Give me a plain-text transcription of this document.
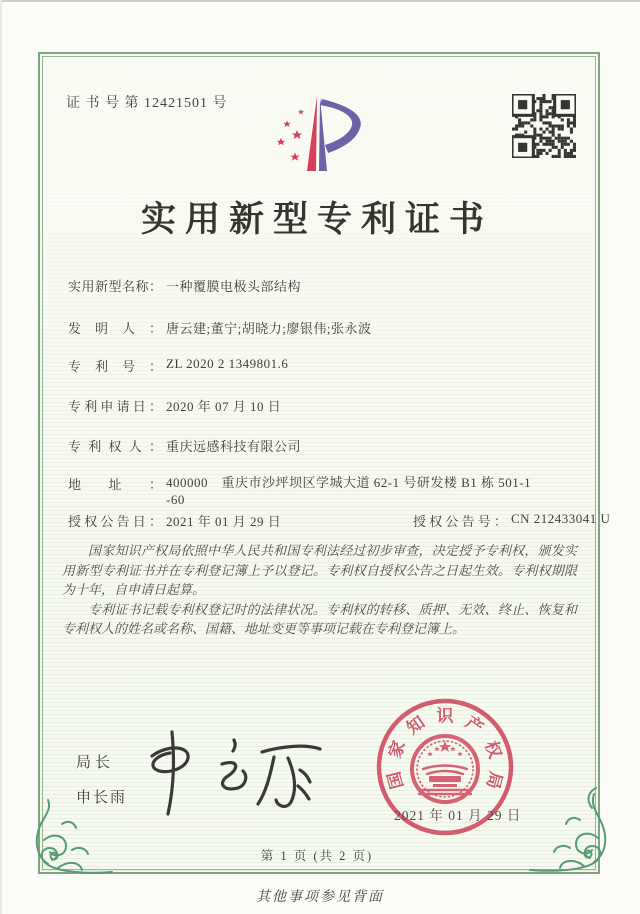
证 书 号 第 12421501 号
实用新型专利证书
实用新型名称： 一种覆膜电极头部结构
发明人： 唐云建;董宁;胡晓力;廖银伟;张永波
专利号： ZL 2020 2 1349801.6
专利申请日： 2020 年 07 月 10 日
专利权人： 重庆远感科技有限公司
地址： 400000　重庆市沙坪坝区学城大道 62-1 号研发楼 B1 栋 501-1
-60
授权公告日： 2021 年 01 月 29 日	授权公告号： CN 212433041 U

国家知识产权局依照中华人民共和国专利法经过初步审查，决定授予专利权，颁发实用新型专利证书并在专利登记簿上予以登记。专利权自授权公告之日起生效。专利权期限为十年，自申请日起算。

专利证书记载专利权登记时的法律状况。专利权的转移、质押、无效、终止、恢复和专利权人的姓名或名称、国籍、地址变更等事项记载在专利登记簿上。

局长
申长雨
国
家
知 识 产
权
局
2021 年 01 月 29 日
第 1 页 (共 2 页)
其他事项参见背面
